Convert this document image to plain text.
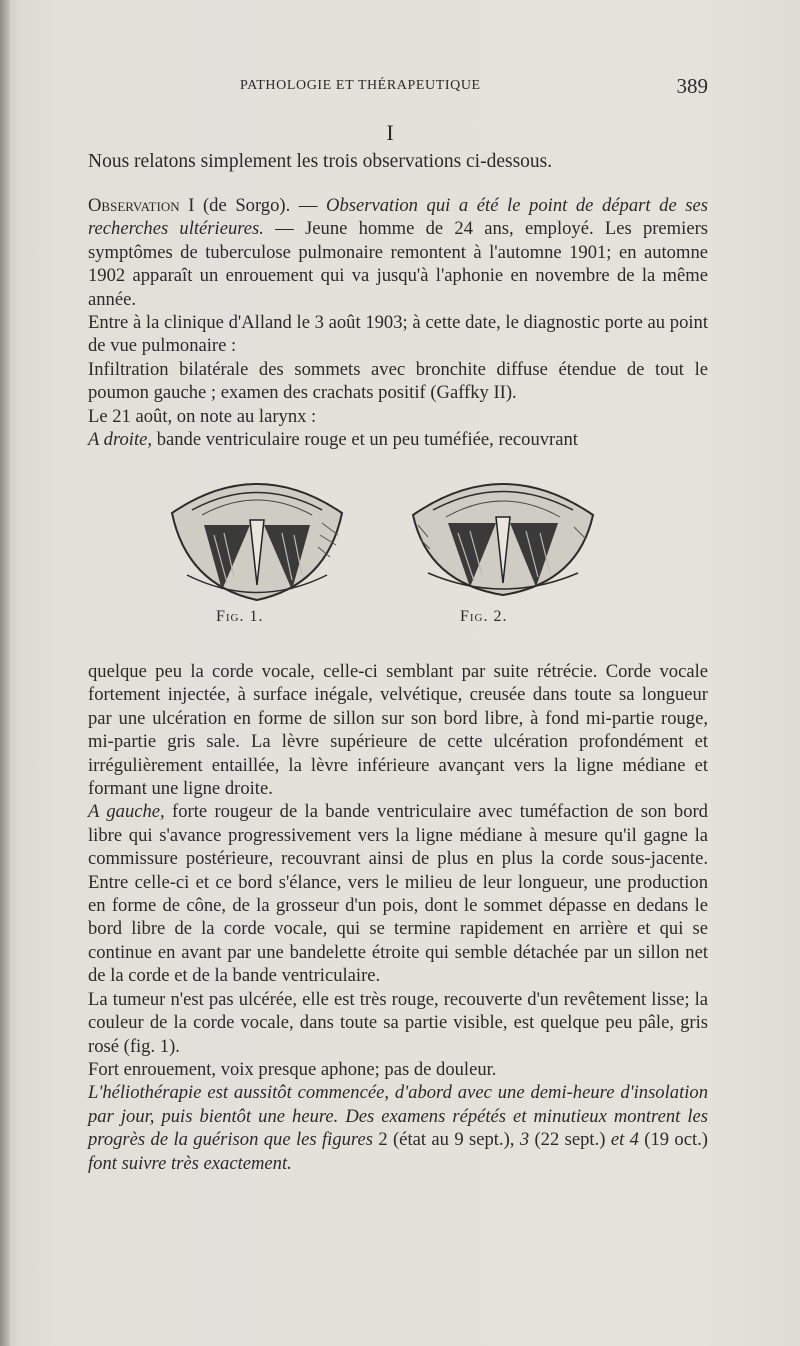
PATHOLOGIE ET THÉRAPEUTIQUE	389
I

Nous relatons simplement les trois observations ci-dessous.

Observation I (de Sorgo). — Observation qui a été le point de départ de ses recherches ultérieures. — Jeune homme de 24 ans, employé. Les premiers symptômes de tuberculose pulmonaire remontent à l'automne 1901; en automne 1902 apparaît un enrouement qui va jusqu'à l'aphonie en novembre de la même année.

Entre à la clinique d'Alland le 3 août 1903; à cette date, le diagnostic porte au point de vue pulmonaire :

Infiltration bilatérale des sommets avec bronchite diffuse étendue de tout le poumon gauche ; examen des crachats positif (Gaffky II).

Le 21 août, on note au larynx :

A droite, bande ventriculaire rouge et un peu tuméfiée, recouvrant

Fig. 1.	Fig. 2.

quelque peu la corde vocale, celle-ci semblant par suite rétrécie. Corde vocale fortement injectée, à surface inégale, velvétique, creusée dans toute sa longueur par une ulcération en forme de sillon sur son bord libre, à fond mi-partie rouge, mi-partie gris sale. La lèvre supérieure de cette ulcération profondément et irrégulièrement entaillée, la lèvre inférieure avançant vers la ligne médiane et formant une ligne droite.

A gauche, forte rougeur de la bande ventriculaire avec tuméfaction de son bord libre qui s'avance progressivement vers la ligne médiane à mesure qu'il gagne la commissure postérieure, recouvrant ainsi de plus en plus la corde sous-jacente. Entre celle-ci et ce bord s'élance, vers le milieu de leur longueur, une production en forme de cône, de la grosseur d'un pois, dont le sommet dépasse en dedans le bord libre de la corde vocale, qui se termine rapidement en arrière et qui se continue en avant par une bandelette étroite qui semble détachée par un sillon net de la corde et de la bande ventriculaire.

La tumeur n'est pas ulcérée, elle est très rouge, recouverte d'un revêtement lisse; la couleur de la corde vocale, dans toute sa partie visible, est quelque peu pâle, gris rosé (fig. 1).

Fort enrouement, voix presque aphone; pas de douleur.

L'héliothérapie est aussitôt commencée, d'abord avec une demi-heure d'insolation par jour, puis bientôt une heure. Des examens répétés et minutieux montrent les progrès de la guérison que les figures 2 (état au 9 sept.), 3 (22 sept.) et 4 (19 oct.) font suivre très exactement.
